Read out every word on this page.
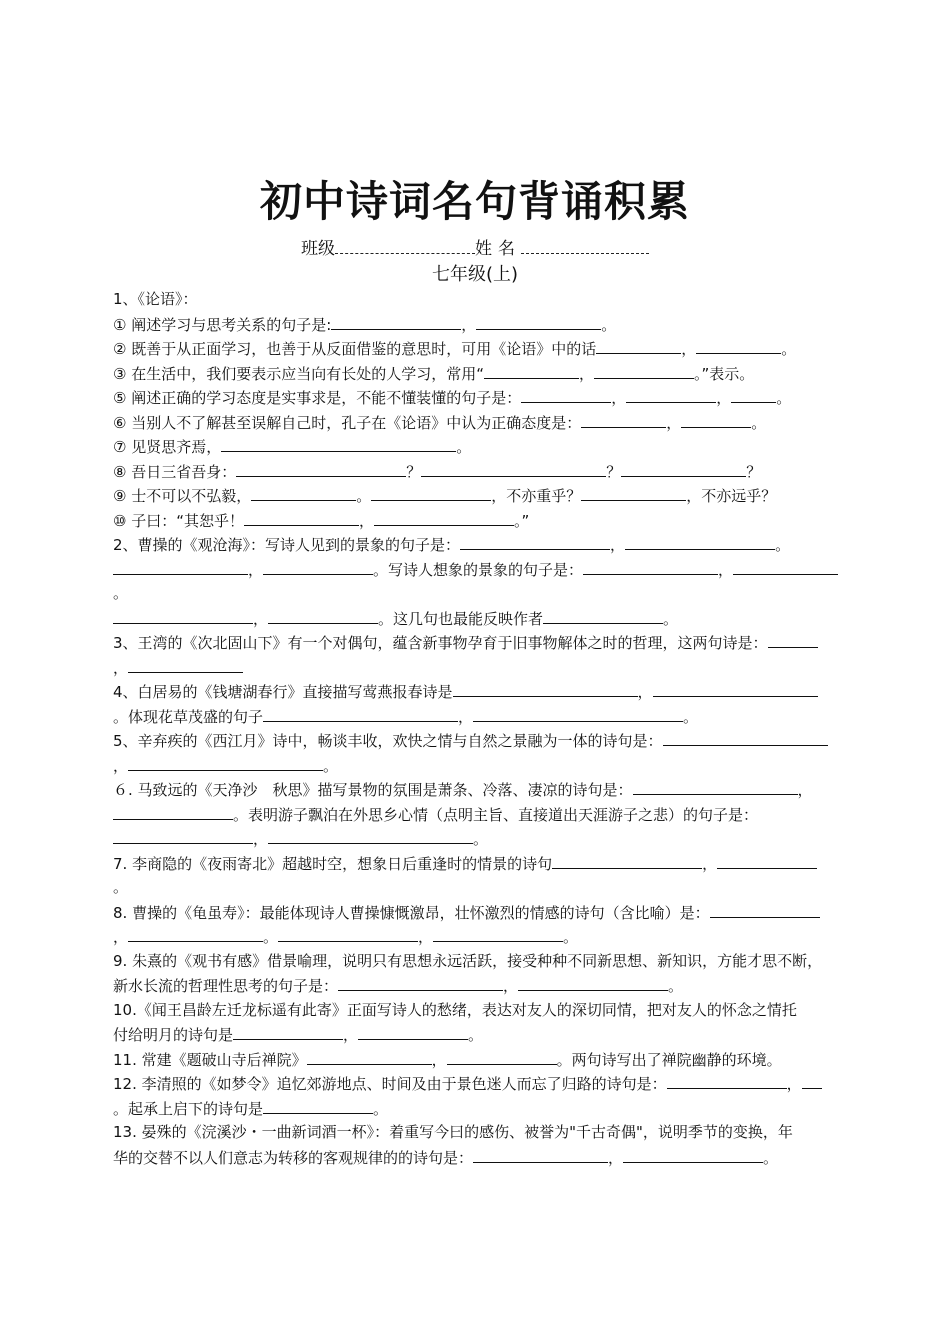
初中诗词名句背诵积累
班级	姓名
七年级(上)
1、《论语》：
① 阐述学习与思考关系的句子是:	，	。
② 既善于从正面学习，也善于从反面借鉴的意思时，可用《论语》中的话	，	。
③ 在生活中，我们要表示应当向有长处的人学习，常用“	，	。”表示。
⑤ 阐述正确的学习态度是实事求是，不能不懂装懂的句子是：	，	，	。
⑥ 当别人不了解甚至误解自己时，孔子在《论语》中认为正确态度是：	，	。
⑦ 见贤思齐焉，	。
⑧ 吾日三省吾身：	？	？	？
⑨ 士不可以不弘毅，	。	，不亦重乎？	，不亦远乎？
⑩ 子曰：“其恕乎！	，	。”
2、曹操的《观沧海》：写诗人见到的景象的句子是：	，	。
，	。写诗人想象的景象的句子是：	，
。
，	。这几句也最能反映作者	。
3、王湾的《次北固山下》有一个对偶句，蕴含新事物孕育于旧事物解体之时的哲理，这两句诗是：
，
4、白居易的《钱塘湖春行》直接描写莺燕报春诗是	，
。体现花草茂盛的句子	，	。
5、辛弃疾的《西江月》诗中，畅谈丰收，欢快之情与自然之景融为一体的诗句是：
，	。
６. 马致远的《天净沙　秋思》描写景物的氛围是萧条、冷落、凄凉的诗句是：	，
。表明游子飘泊在外思乡心情（点明主旨、直接道出天涯游子之悲）的句子是：
，	。
7. 李商隐的《夜雨寄北》超越时空，想象日后重逢时的情景的诗句	，
。
8. 曹操的《龟虽寿》：最能体现诗人曹操慷慨激昂，壮怀激烈的情感的诗句（含比喻）是：
，	。	，	。
9. 朱熹的《观书有感》借景喻理，说明只有思想永远活跃，接受种种不同新思想、新知识，方能才思不断，
新水长流的哲理性思考的句子是：	，	。
10.《闻王昌龄左迁龙标遥有此寄》正面写诗人的愁绪，表达对友人的深切同情，把对友人的怀念之情托
付给明月的诗句是	，	。
11. 常建《题破山寺后禅院》	，	。两句诗写出了禅院幽静的环境。
12. 李清照的《如梦令》追忆郊游地点、时间及由于景色迷人而忘了归路的诗句是：	，
。起承上启下的诗句是	。
13. 晏殊的《浣溪沙・一曲新词酒一杯》：着重写今曰的感伤、被誉为"千古奇偶"，说明季节的变换，年
华的交替不以人们意志为转移的客观规律的的诗句是：	，	。
